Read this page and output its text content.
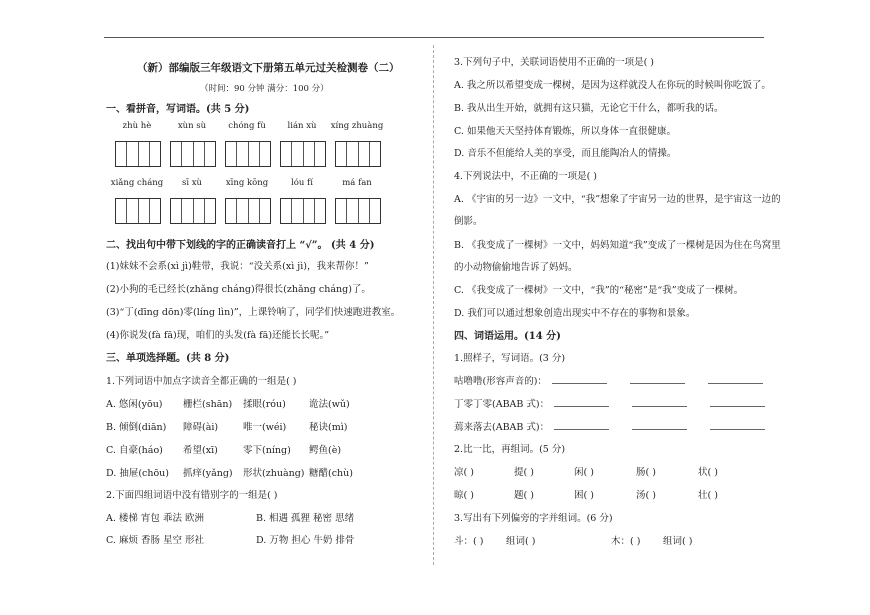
（新）部编版三年级语文下册第五单元过关检测卷（二）
（时间：90 分钟 满分：100 分）
一、看拼音，写词语。(共 5 分)
zhù hè	xùn sù	chóng fù	lián xù	xíng zhuàng
xiǎng cháng	sī xù	xīng kōng	lóu fí	má fan
二、找出句中带下划线的字的正确读音打上 “√”。 (共 4 分)
(1)妹妹不会系(xì jì)鞋带，我说：“没关系(xì jì)，我来帮你！”
(2)小狗的毛已经长(zhǎng cháng)得很长(zhǎng cháng)了。
(3)“丁(dīng dōn)零(líng lìn)”，上课铃响了，同学们快速跑进教室。
(4)你说发(fà fā)现，咱们的头发(fà fā)还能长长呢。”
三、单项选择题。(共 8 分)
1.下列词语中加点字读音全都正确的一组是( )
A. 悠闲(yōu) 栅栏(shān) 揉眼(róu) 诡法(wǔ)
B. 倾倒(diān) 障碍(ài)	唯一(wéi) 秘诀(mì)
C. 自豪(háo) 希望(xī)	零下(níng) 鳄鱼(è)
D. 抽屉(chōu) 抓痒(yǎng) 形状(zhuàng) 糖醋(chù)
2.下面四组词语中没有错别字的一组是( )
A. 楼梯 宵包 乖法 欧洲	B. 相遇 孤狸 秘密 思绪
C. 麻烦 香肠 星空 形社	D. 万物 担心 牛奶 排骨
3.下列句子中，关联词语使用不正确的一项是( )
A. 我之所以希望变成一棵树，是因为这样就没人在你玩的时候叫你吃饭了。
B. 我从出生开始，就拥有这只猫，无论它干什么，都听我的话。
C. 如果他天天坚持体育锻炼，所以身体一直很健康。
D. 音乐不但能给人美的享受，而且能陶冶人的情操。
4.下列说法中，不正确的一项是( )
A. 《宇宙的另一边》一文中，“我”想象了宇宙另一边的世界，是宇宙这一边的
倒影。
B. 《我变成了一棵树》一文中，妈妈知道“我”变成了一棵树是因为住在鸟窝里
的小动物偷偷地告诉了妈妈。
C. 《我变成了一棵树》一文中，“我”的“秘密”是“我”变成了一棵树。
D. 我们可以通过想象创造出现实中不存在的事物和景象。
四、词语运用。(14 分)
1.照样子，写词语。(3 分)
咕噜噜(形容声音的)：
丁零丁零(ABAB 式)：
蔫来落去(ABAB 式)：
2.比一比，再组词。(5 分)
凉( )	提( )	闲( )	肠( )	状( )
晾( )	题( )	困( )	汤( )	壮( )
3.写出有下列偏旁的字并组词。(6 分)
斗：( ) 组词( )	木：( ) 组词( )
